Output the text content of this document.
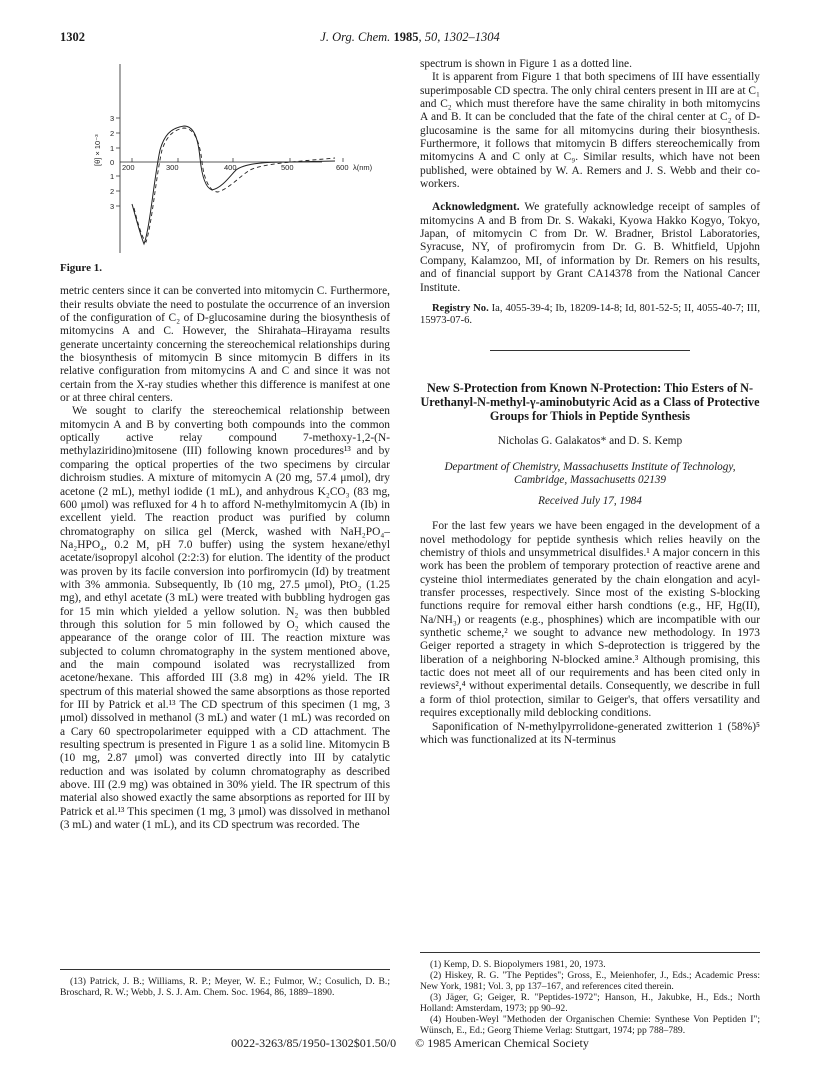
1302	J. Org. Chem. 1985, 50, 1302–1304
3
2
1
0
1
2
3
[θ] × 10⁻³
200	300	400	500	600 λ(nm)

Figure 1.

metric centers since it can be converted into mitomycin C. Furthermore, their results obviate the need to postulate the occurrence of an inversion of the configuration of C₂ of D-glucosamine during the biosynthesis of mitomycins A and C. However, the Shirahata–Hirayama results generate uncertainty concerning the stereochemical relationships during the biosynthesis of mitomycin B since mitomycin B differs in its relative configuration from mitomycins A and C and since it was not certain from the X-ray studies whether this difference is manifest at one or at three chiral centers.

We sought to clarify the stereochemical relationship between mitomycin A and B by converting both compounds into the common optically active relay compound 7-methoxy-1,2-(N-methylaziridino)mitosene (III) following known procedures¹³ and by comparing the optical properties of the two specimens by circular dichroism studies. A mixture of mitomycin A (20 mg, 57.4 μmol), dry acetone (2 mL), methyl iodide (1 mL), and anhydrous K₂CO₃ (83 mg, 600 μmol) was refluxed for 4 h to afford N-methylmitomycin A (Ib) in excellent yield. The reaction product was purified by column chromatography on silica gel (Merck, washed with NaH₂PO₄–Na₂HPO₄, 0.2 M, pH 7.0 buffer) using the system hexane/ethyl acetate/isopropyl alcohol (2:2:3) for elution. The identity of the product was proven by its facile conversion into porfiromycin (Id) by treatment with 3% ammonia. Subsequently, Ib (10 mg, 27.5 μmol), PtO₂ (1.25 mg), and ethyl acetate (3 mL) were treated with bubbling hydrogen gas for 15 min which yielded a yellow solution. N₂ was then bubbled through this solution for 5 min followed by O₂ which caused the appearance of the orange color of III. The reaction mixture was subjected to column chromatography in the system mentioned above, and the main compound isolated was recrystallized from acetone/hexane. This afforded III (3.8 mg) in 42% yield. The IR spectrum of this material showed the same absorptions as those reported for III by Patrick et al.¹³ The CD spectrum of this specimen (1 mg, 3 μmol) dissolved in methanol (3 mL) and water (1 mL) was recorded on a Cary 60 spectropolarimeter equipped with a CD attachment. The resulting spectrum is presented in Figure 1 as a solid line. Mitomycin B (10 mg, 2.87 μmol) was converted directly into III by catalytic reduction and was isolated by column chromatography as described above. III (2.9 mg) was obtained in 30% yield. The IR spectrum of this material also showed exactly the same absorptions as reported for III by Patrick et al.¹³ This specimen (1 mg, 3 μmol) was dissolved in methanol (3 mL) and water (1 mL), and its CD spectrum was recorded. The

spectrum is shown in Figure 1 as a dotted line.

It is apparent from Figure 1 that both specimens of III have essentially superimposable CD spectra. The only chiral centers present in III are at C₁ and C₂ which must therefore have the same chirality in both mitomycins A and B. It can be concluded that the fate of the chiral center at C₂ of D-glucosamine is the same for all mitomycins during their biosynthesis. Furthermore, it follows that mitomycin B differs stereochemically from mitomycins A and C only at C₉. Similar results, which have not been published, were obtained by W. A. Remers and J. S. Webb and their co-workers.

Acknowledgment. We gratefully acknowledge receipt of samples of mitomycins A and B from Dr. S. Wakaki, Kyowa Hakko Kogyo, Tokyo, Japan, of mitomycin C from Dr. W. Bradner, Bristol Laboratories, Syracuse, NY, of profiromycin from Dr. G. B. Whitfield, Upjohn Company, Kalamzoo, MI, of information by Dr. Remers on his results, and of financial support by Grant CA14378 from the National Cancer Institute.

Registry No. Ia, 4055-39-4; Ib, 18209-14-8; Id, 801-52-5; II, 4055-40-7; III, 15973-07-6.

New S-Protection from Known N-Protection: Thio Esters of N-Urethanyl-N-methyl-γ-aminobutyric Acid as a Class of Protective Groups for Thiols in Peptide Synthesis

Nicholas G. Galakatos* and D. S. Kemp

Department of Chemistry, Massachusetts Institute of Technology, Cambridge, Massachusetts 02139

Received July 17, 1984

For the last few years we have been engaged in the development of a novel methodology for peptide synthesis which relies heavily on the chemistry of thiols and unsymmetrical disulfides.¹ A major concern in this work has been the problem of temporary protection of reactive arene and cysteine thiol intermediates generated by the chain elongation and acyl-transfer processes, respectively. Since most of the existing S-blocking functions require for removal either harsh condtions (e.g., HF, Hg(II), Na/NH₃) or reagents (e.g., phosphines) which are incompatible with our synthetic scheme,² we sought to advance new methodology. In 1973 Geiger reported a stragety in which S-deprotection is triggered by the liberation of a neighboring N-blocked amine.³ Although promising, this tactic does not meet all of our requirements and has been cited only in reviews²,⁴ without experimental details. Consequently, we describe in full a form of thiol protection, similar to Geiger's, that offers versatility and requires exceptionally mild deblocking conditions.

Saponification of N-methylpyrrolidone-generated zwitterion 1 (58%)⁵ which was functionalized at its N-terminus

(13) Patrick, J. B.; Williams, R. P.; Meyer, W. E.; Fulmor, W.; Cosulich, D. B.; Broschard, R. W.; Webb, J. S. J. Am. Chem. Soc. 1964, 86, 1889–1890.

(1) Kemp, D. S. Biopolymers 1981, 20, 1973.

(2) Hiskey, R. G. "The Peptides"; Gross, E., Meienhofer, J., Eds.; Academic Press: New York, 1981; Vol. 3, pp 137–167, and references cited therein.

(3) Jäger, G; Geiger, R. "Peptides-1972"; Hanson, H., Jakubke, H., Eds.; North Holland: Amsterdam, 1973; pp 90–92.

(4) Houben-Weyl "Methoden der Organischen Chemie: Synthese Von Peptiden I"; Wünsch, E., Ed.; Georg Thieme Verlag: Stuttgart, 1974; pp 788–789.

0022-3263/85/1950-1302$01.50/0 © 1985 American Chemical Society
